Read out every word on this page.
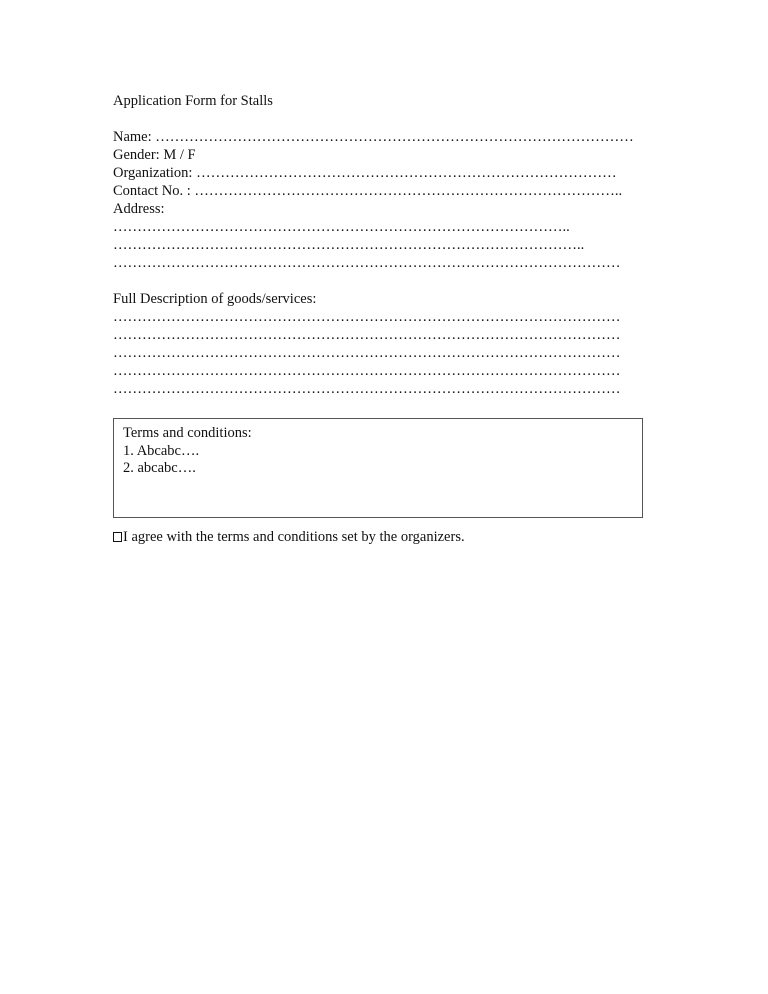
Application Form for Stalls
Name: ………………………………………………………………………………………
Gender: M / F
Organization: ……………………………………………………………………………
Contact No. : ……………………………………………………………………………..
Address:
…………………………………………………………………………………..
……………………………………………………………………………………..
……………………………………………………………………………………………
Full Description of goods/services:
……………………………………………………………………………………………
……………………………………………………………………………………………
……………………………………………………………………………………………
……………………………………………………………………………………………
……………………………………………………………………………………………
Terms and conditions:
1. Abcabc….
2. abcabc….
I agree with the terms and conditions set by the organizers.
